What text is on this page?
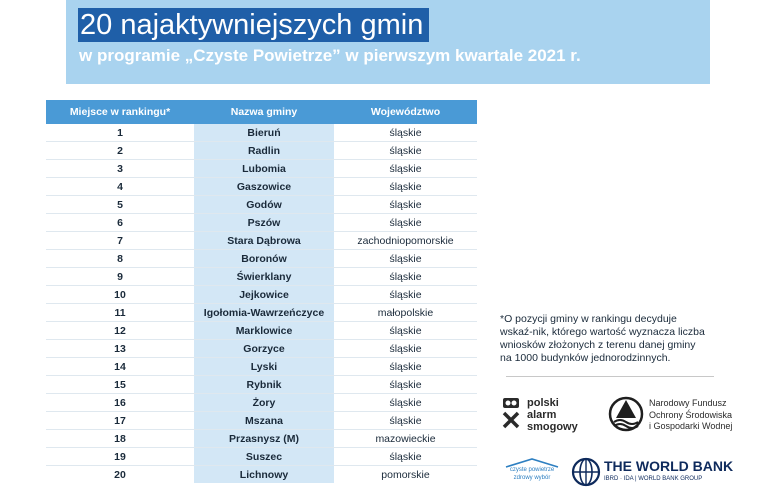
20 najaktywniejszych gmin

w programie „Czyste Powietrze” w pierwszym kwartale 2021 r.

Miejsce w rankingu*	Nazwa gminy	Województwo
1	Bieruń	śląskie
2	Radlin	śląskie
3	Lubomia	śląskie
4	Gaszowice	śląskie
5	Godów	śląskie
6	Pszów	śląskie
7	Stara Dąbrowa	zachodniopomorskie
8	Boronów	śląskie
9	Świerklany	śląskie
10	Jejkowice	śląskie
11	Igołomia-Wawrzeńczyce	małopolskie
12	Marklowice	śląskie
13	Gorzyce	śląskie
14	Lyski	śląskie
15	Rybnik	śląskie
16	Żory	śląskie
17	Mszana	śląskie
18	Przasnysz (M)	mazowieckie
19	Suszec	śląskie
20	Lichnowy	pomorskie
*O pozycji gminy w rankingu decyduje wskaź-nik, którego wartość wyznacza liczba wniosków złożonych z terenu danej gminy na 1000 budynków jednorodzinnych.
polski
alarm
smogowy
Narodowy Fundusz
Ochrony Środowiska
i Gospodarki Wodnej
czyste powietrze
zdrowy wybór
THE WORLD BANK
IBRD · IDA | WORLD BANK GROUP
